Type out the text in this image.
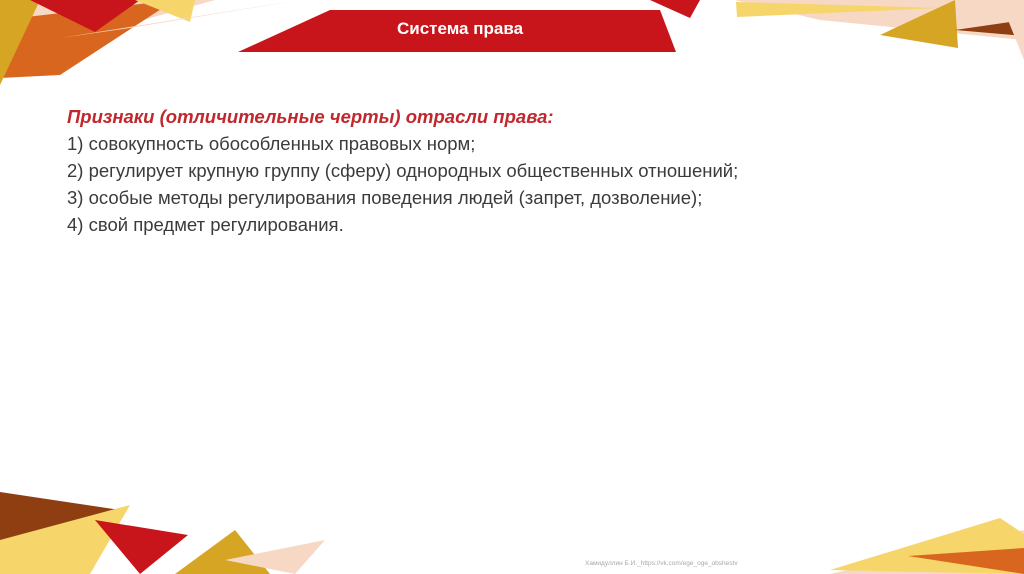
Система права
Признаки (отличительные черты) отрасли права:
1) совокупность обособленных правовых норм;
2) регулирует крупную группу (сферу) однородных общественных отношений;
3) особые методы регулирования поведения людей (запрет, дозволение);
4) свой предмет регулирования.
Хамидуллин Б.И._https://vk.com/ege_oge_obshestv
